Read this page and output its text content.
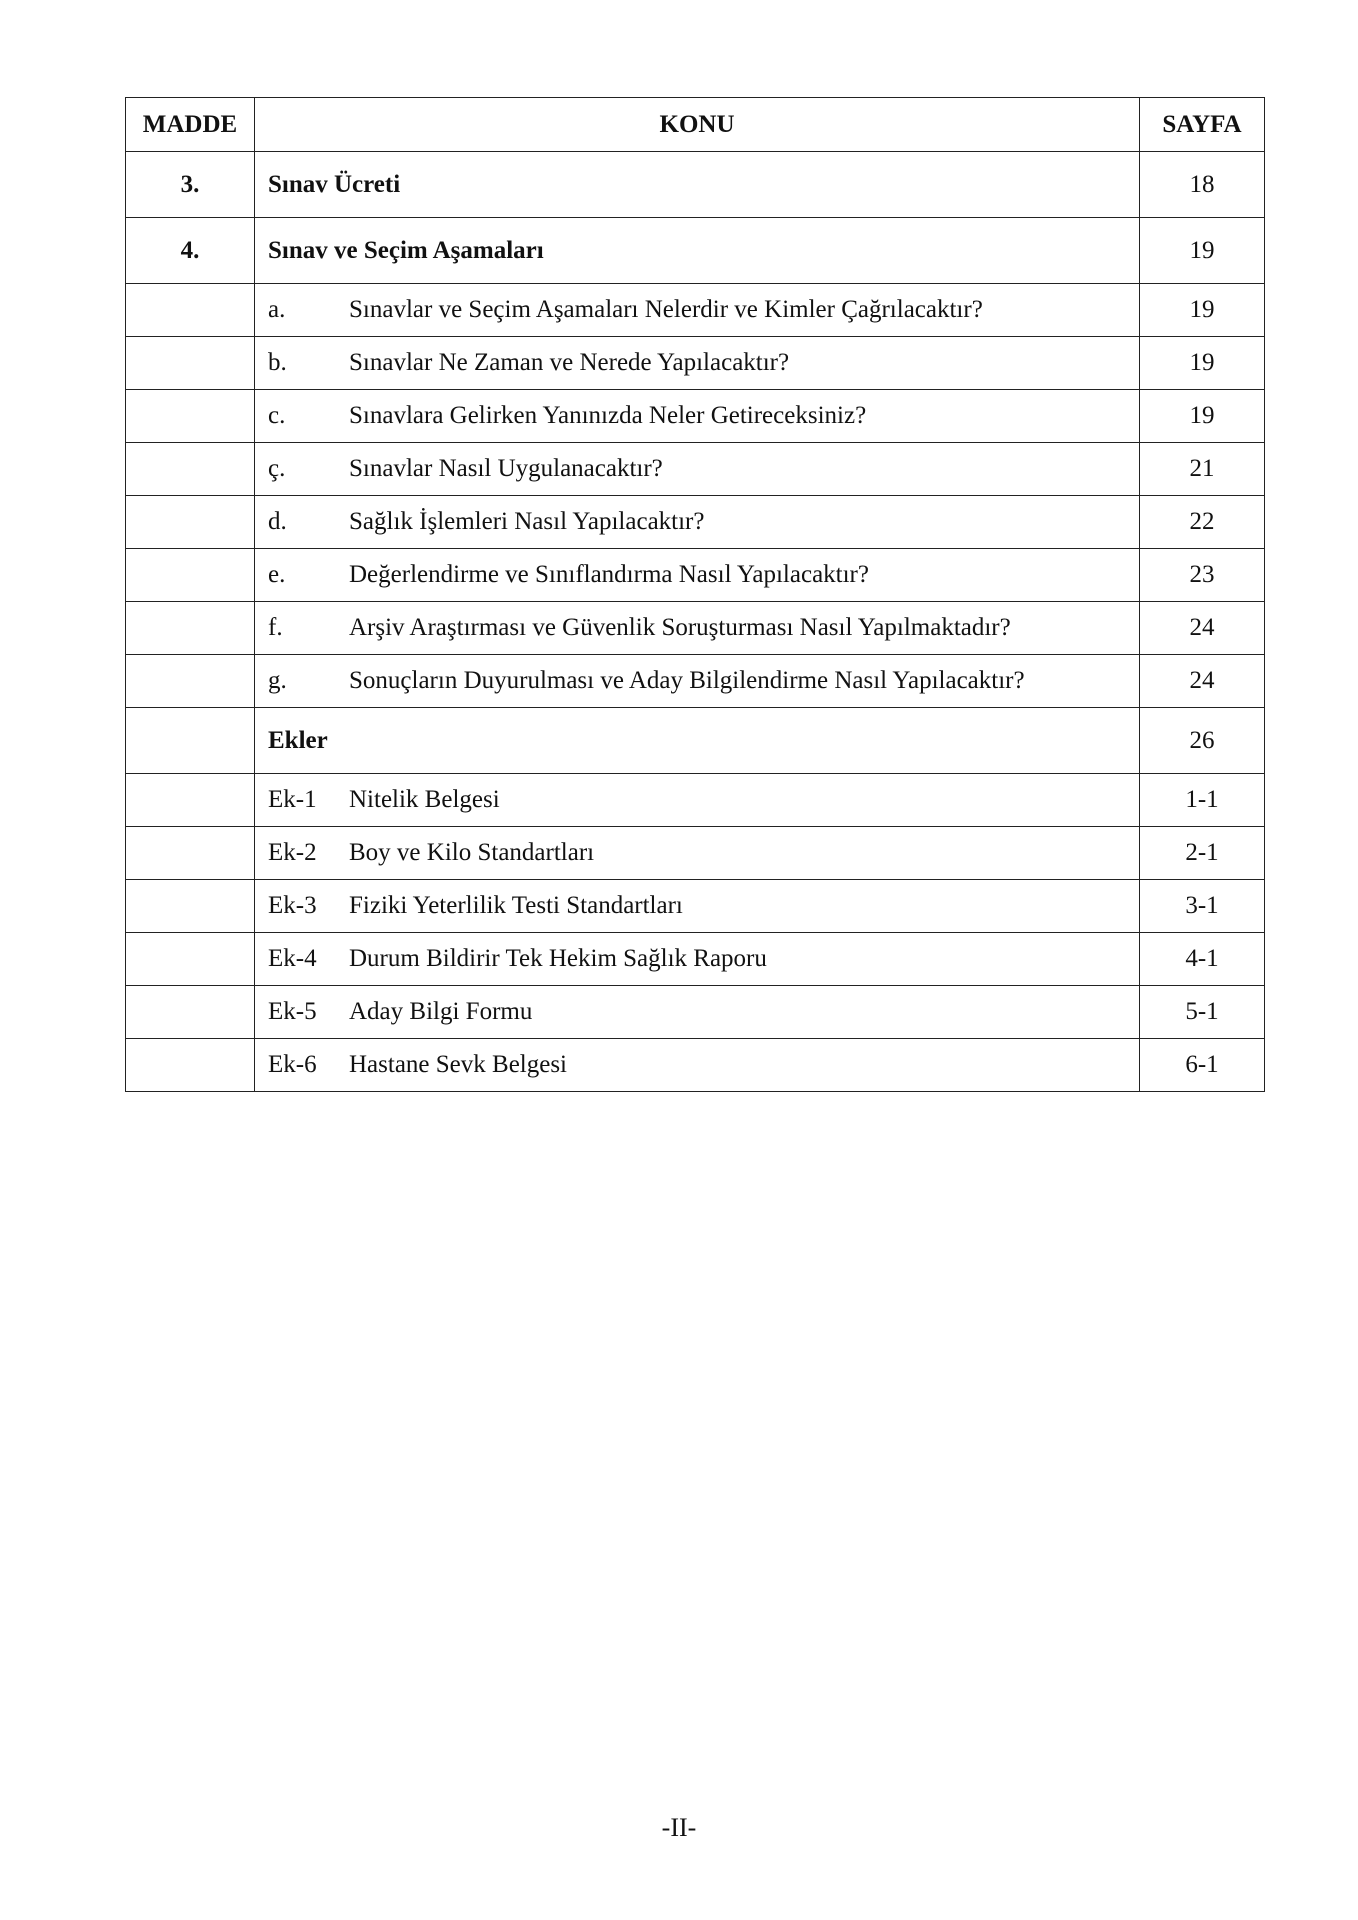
MADDE	KONU	SAYFA
3.	Sınav Ücreti	18
4.	Sınav ve Seçim Aşamaları	19
	a. Sınavlar ve Seçim Aşamaları Nelerdir ve Kimler Çağrılacaktır?	19
	b. Sınavlar Ne Zaman ve Nerede Yapılacaktır?	19
	c. Sınavlara Gelirken Yanınızda Neler Getireceksiniz?	19
	ç. Sınavlar Nasıl Uygulanacaktır?	21
	d. Sağlık İşlemleri Nasıl Yapılacaktır?	22
	e. Değerlendirme ve Sınıflandırma Nasıl Yapılacaktır?	23
	f. Arşiv Araştırması ve Güvenlik Soruşturması Nasıl Yapılmaktadır?	24
	g. Sonuçların Duyurulması ve Aday Bilgilendirme Nasıl Yapılacaktır?	24
	Ekler	26
	Ek-1 Nitelik Belgesi	1-1
	Ek-2 Boy ve Kilo Standartları	2-1
	Ek-3 Fiziki Yeterlilik Testi Standartları	3-1
	Ek-4 Durum Bildirir Tek Hekim Sağlık Raporu	4-1
	Ek-5 Aday Bilgi Formu	5-1
	Ek-6 Hastane Sevk Belgesi	6-1
-II-
